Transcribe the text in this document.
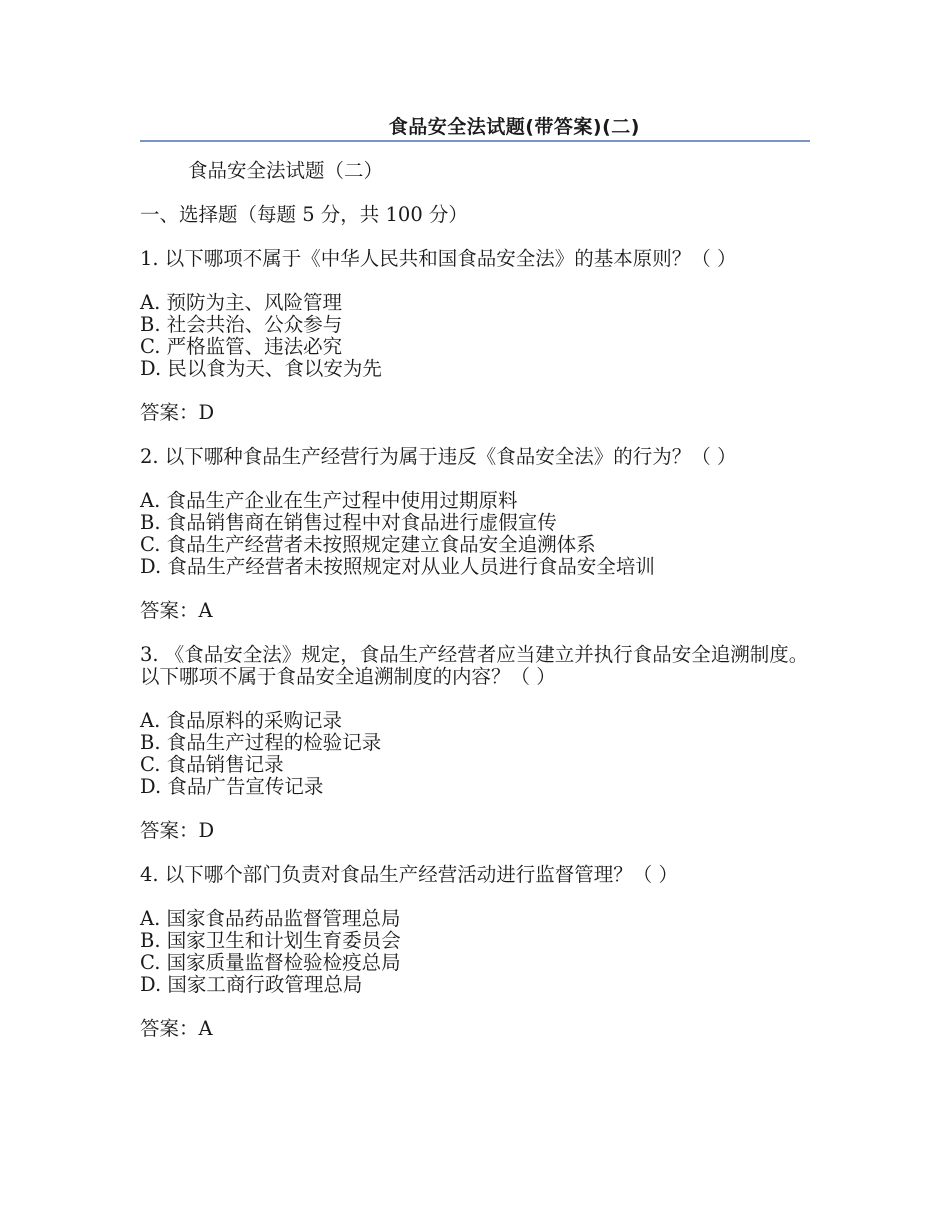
食品安全法试题(带答案)(二)

食品安全法试题（二）

一、选择题（每题 5 分，共 100 分）

1. 以下哪项不属于《中华人民共和国食品安全法》的基本原则？（ ）

A. 预防为主、风险管理

B. 社会共治、公众参与

C. 严格监管、违法必究

D. 民以食为天、食以安为先

答案：D

2. 以下哪种食品生产经营行为属于违反《食品安全法》的行为？（ ）

A. 食品生产企业在生产过程中使用过期原料

B. 食品销售商在销售过程中对食品进行虚假宣传

C. 食品生产经营者未按照规定建立食品安全追溯体系

D. 食品生产经营者未按照规定对从业人员进行食品安全培训

答案：A

3. 《食品安全法》规定，食品生产经营者应当建立并执行食品安全追溯制度。以下哪项不属于食品安全追溯制度的内容？（ ）

A. 食品原料的采购记录

B. 食品生产过程的检验记录

C. 食品销售记录

D. 食品广告宣传记录

答案：D

4. 以下哪个部门负责对食品生产经营活动进行监督管理？（ ）

A. 国家食品药品监督管理总局

B. 国家卫生和计划生育委员会

C. 国家质量监督检验检疫总局

D. 国家工商行政管理总局

答案：A
